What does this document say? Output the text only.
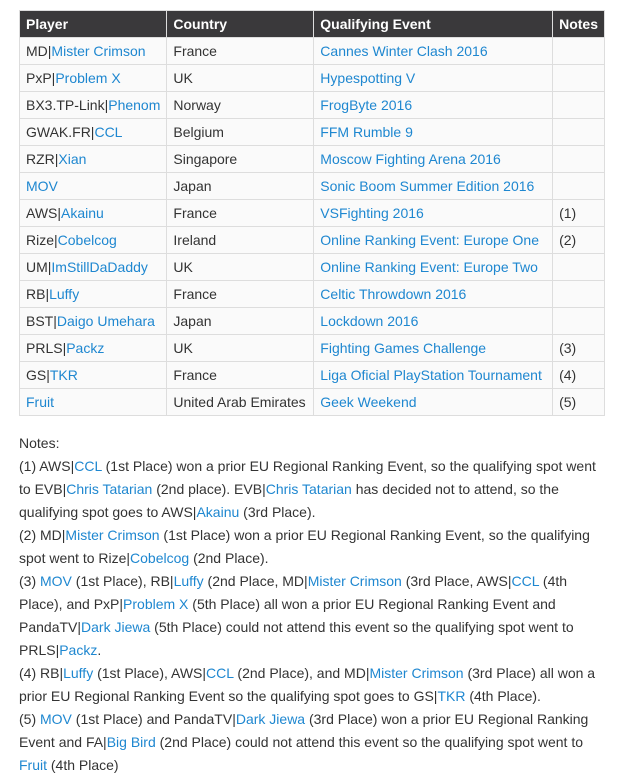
Player	Country	Qualifying Event	Notes
MD|Mister Crimson	France	Cannes Winter Clash 2016	
PxP|Problem X	UK	Hypespotting V	
BX3.TP-Link|Phenom	Norway	FrogByte 2016	
GWAK.FR|CCL	Belgium	FFM Rumble 9	
RZR|Xian	Singapore	Moscow Fighting Arena 2016	
MOV	Japan	Sonic Boom Summer Edition 2016	
AWS|Akainu	France	VSFighting 2016	(1)
Rize|Cobelcog	Ireland	Online Ranking Event: Europe One	(2)
UM|ImStillDaDaddy	UK	Online Ranking Event: Europe Two	
RB|Luffy	France	Celtic Throwdown 2016	
BST|Daigo Umehara	Japan	Lockdown 2016	
PRLS|Packz	UK	Fighting Games Challenge	(3)
GS|TKR	France	Liga Oficial PlayStation Tournament	(4)
Fruit	United Arab Emirates	Geek Weekend	(5)
Notes:
(1) AWS|CCL (1st Place) won a prior EU Regional Ranking Event, so the qualifying spot went to EVB|Chris Tatarian (2nd place). EVB|Chris Tatarian has decided not to attend, so the qualifying spot goes to AWS|Akainu (3rd Place).
(2) MD|Mister Crimson (1st Place) won a prior EU Regional Ranking Event, so the qualifying spot went to Rize|Cobelcog (2nd Place).
(3) MOV (1st Place), RB|Luffy (2nd Place, MD|Mister Crimson (3rd Place, AWS|CCL (4th Place), and PxP|Problem X (5th Place) all won a prior EU Regional Ranking Event and PandaTV|Dark Jiewa (5th Place) could not attend this event so the qualifying spot went to PRLS|Packz.
(4) RB|Luffy (1st Place), AWS|CCL (2nd Place), and MD|Mister Crimson (3rd Place) all won a prior EU Regional Ranking Event so the qualifying spot goes to GS|TKR (4th Place).
(5) MOV (1st Place) and PandaTV|Dark Jiewa (3rd Place) won a prior EU Regional Ranking Event and FA|Big Bird (2nd Place) could not attend this event so the qualifying spot went to Fruit (4th Place)
